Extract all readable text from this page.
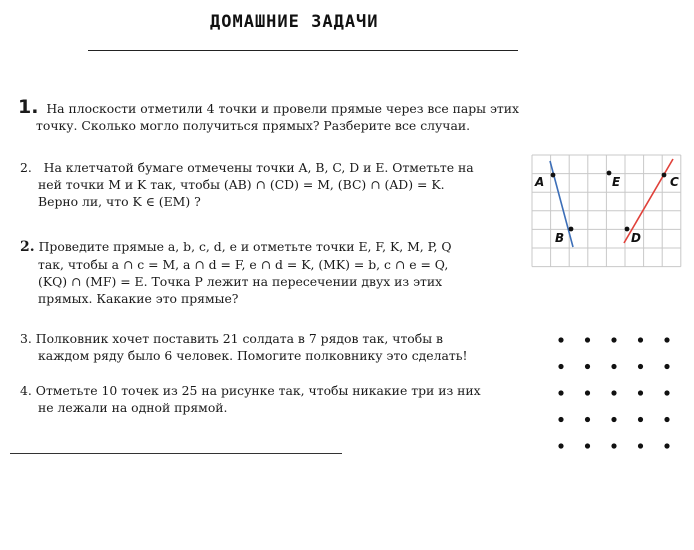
ДОМАШНИЕ ЗАДАЧИ
1. На плоскости отметили 4 точки и провели прямые через все пары этих
точку. Сколько могло получиться прямых? Разберите все случаи.
2. На клетчатой бумаге отмечены точки A, B, C, D и E. Отметьте на
ней точки M и K так, чтобы (AB) ∩ (CD) = M, (BC) ∩ (AD) = K.
Верно ли, что K ∈ (EM) ?
2. Проведите прямые a, b, c, d, e и отметьте точки E, F, K, M, P, Q
так, чтобы a ∩ c = M, a ∩ d = F, e ∩ d = K, (MK) = b, c ∩ e = Q,
(KQ) ∩ (MF) = E. Точка P лежит на пересечении двух из этих
прямых. Какакие это прямые?
3. Полковник хочет поставить 21 солдата в 7 рядов так, чтобы в
каждом ряду было 6 человек. Помогите полковнику это сделать!
4. Отметьте 10 точек из 25 на рисунке так, чтобы никакие три из них
не лежали на одной прямой.
A
B
C
D
E
